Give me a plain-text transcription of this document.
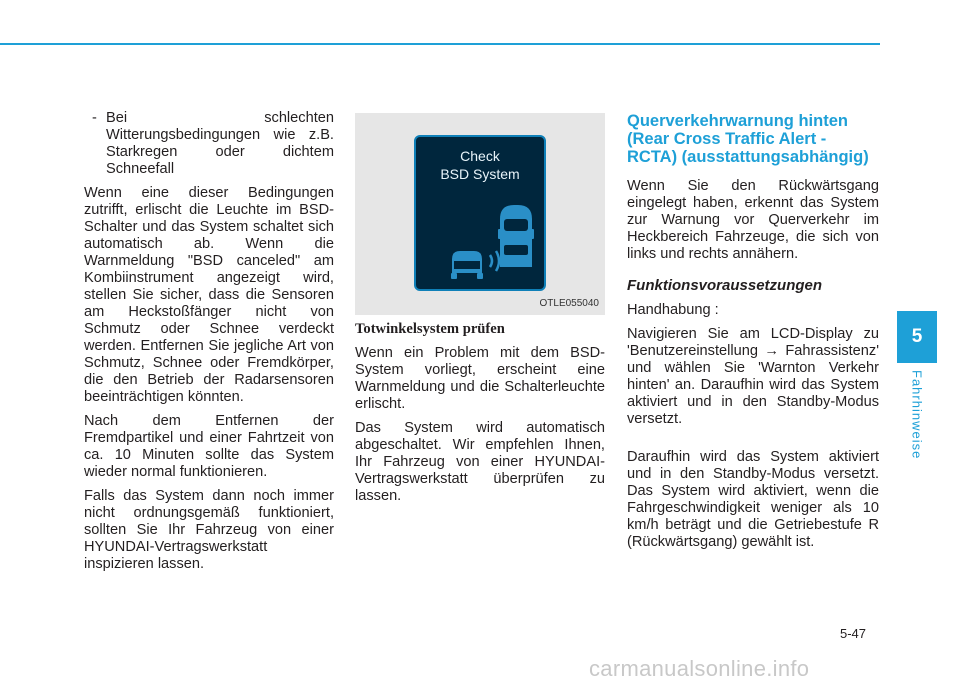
5
Fahrhinweise
- Bei schlechten Witterungsbedingungen wie z.B. Starkregen oder dichtem Schneefall

Wenn eine dieser Bedingungen zutrifft, erlischt die Leuchte im BSD-Schalter und das System schaltet sich automatisch ab. Wenn die Warnmeldung "BSD canceled" am Kombiinstrument angezeigt wird, stellen Sie sicher, dass die Sensoren am Heckstoßfänger nicht von Schmutz oder Schnee verdeckt werden. Entfernen Sie jegliche Art von Schmutz, Schnee oder Fremdkörper, die den Betrieb der Radarsensoren beeinträchtigen könnten.

Nach dem Entfernen der Fremdpartikel und einer Fahrtzeit von ca. 10 Minuten sollte das System wieder normal funktionieren.

Falls das System dann noch immer nicht ordnungsgemäß funktioniert, sollten Sie Ihr Fahrzeug von einer HYUNDAI-Vertragswerkstatt inspizieren lassen.

Check
BSD System
OTLE055040

Totwinkelsystem prüfen

Wenn ein Problem mit dem BSD-System vorliegt, erscheint eine Warnmeldung und die Schalterleuchte erlischt.

Das System wird automatisch abgeschaltet. Wir empfehlen Ihnen, Ihr Fahrzeug von einer HYUNDAI-Vertragswerkstatt überprüfen zu lassen.

Querverkehrwarnung hinten (Rear Cross Traffic Alert - RCTA) (ausstattungsabhängig)

Wenn Sie den Rückwärtsgang eingelegt haben, erkennt das System zur Warnung vor Querverkehr im Heckbereich Fahrzeuge, die sich von links und rechts annähern.

Funktionsvoraussetzungen

Handhabung :

Navigieren Sie am LCD-Display zu 'Benutzereinstellung → Fahrassistenz' und wählen Sie 'Warnton Verkehr hinten' an. Daraufhin wird das System aktiviert und in den Standby-Modus versetzt.

Daraufhin wird das System aktiviert und in den Standby-Modus versetzt. Das System wird aktiviert, wenn die Fahrgeschwindigkeit weniger als 10 km/h beträgt und die Getriebestufe R (Rückwärtsgang) gewählt ist.

5-47
carmanualsonline.info
